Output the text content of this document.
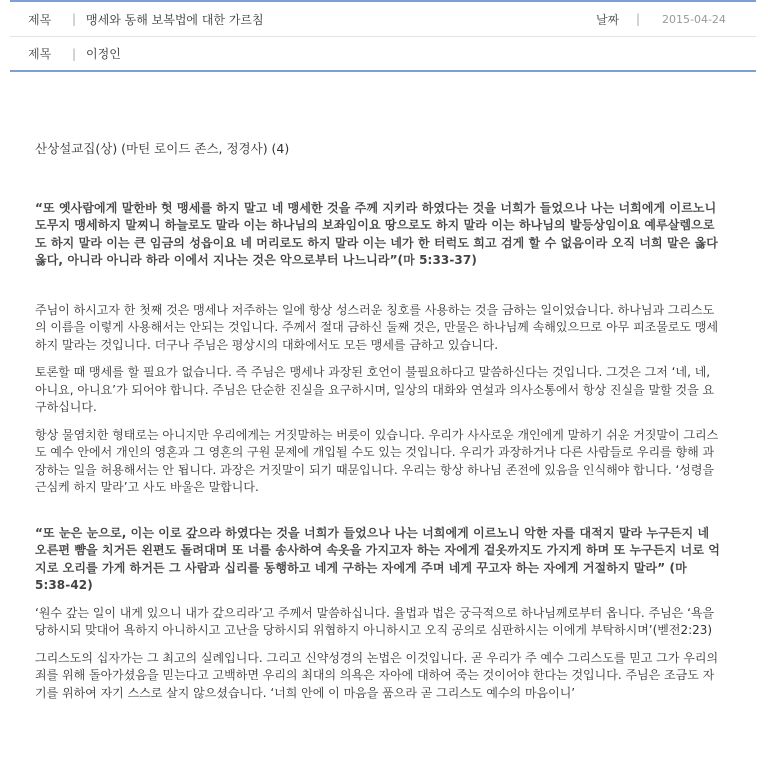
제목	| 맹세와 동해 보복법에 대한 가르침	날짜	|	2015-04-24
제목	| 이정인

산상설교집(상) (마틴 로이드 존스, 정경사) (4)

“또 옛사람에게 말한바 헛 맹세를 하지 말고 네 맹세한 것을 주께 지키라 하였다는 것을 너희가 들었으나 나는 너희에게 이르노니 도무지 맹세하지 말찌니 하늘로도 말라 이는 하나님의 보좌임이요 땅으로도 하지 말라 이는 하나님의 발등상임이요 예루살렘으로도 하지 말라 이는 큰 임금의 성읍이요 네 머리로도 하지 말라 이는 네가 한 터럭도 희고 검게 할 수 없음이라 오직 너희 말은 옳다 옳다, 아니라 아니라 하라 이에서 지나는 것은 악으로부터 나느니라”(마 5:33-37)

주님이 하시고자 한 첫째 것은 맹세나 저주하는 일에 항상 성스러운 칭호를 사용하는 것을 금하는 일이었습니다. 하나님과 그리스도의 이름을 이렇게 사용해서는 안되는 것입니다. 주께서 절대 금하신 둘째 것은, 만물은 하나님께 속해있으므로 아무 피조물로도 맹세하지 말라는 것입니다. 더구나 주님은 평상시의 대화에서도 모든 맹세를 금하고 있습니다.

토론할 때 맹세를 할 필요가 없습니다. 즉 주님은 맹세나 과장된 호언이 불필요하다고 말씀하신다는 것입니다. 그것은 그저 ‘네, 네, 아니요, 아니요’가 되어야 합니다. 주님은 단순한 진실을 요구하시며, 일상의 대화와 연설과 의사소통에서 항상 진실을 말할 것을 요구하십니다.

항상 물염치한 형태로는 아니지만 우리에게는 거짓말하는 버릇이 있습니다. 우리가 사사로운 개인에게 말하기 쉬운 거짓말이 그리스도 예수 안에서 개인의 영혼과 그 영혼의 구원 문제에 개입될 수도 있는 것입니다. 우리가 과장하거나 다른 사람들로 우리를 향해 과장하는 일을 허용해서는 안 됩니다. 과장은 거짓말이 되기 때문입니다. 우리는 항상 하나님 존전에 있음을 인식해야 합니다. ‘성령을 근심케 하지 말라’고 사도 바울은 말합니다.

“또 눈은 눈으로, 이는 이로 갚으라 하였다는 것을 너희가 들었으나 나는 너희에게 이르노니 악한 자를 대적지 말라 누구든지 네 오른편 뺨을 치거든 왼편도 돌려대며 또 너를 송사하여 속옷을 가지고자 하는 자에게 겉옷까지도 가지게 하며 또 누구든지 너로 억지로 오리를 가게 하거든 그 사람과 십리를 동행하고 네게 구하는 자에게 주며 네게 꾸고자 하는 자에게 거절하지 말라” (마 5:38-42)

‘원수 갚는 일이 내게 있으니 내가 갚으리라’고 주께서 말씀하십니다. 율법과 법은 궁극적으로 하나님께로부터 옵니다. 주님은 ‘욕을 당하시되 맞대어 욕하지 아니하시고 고난을 당하시되 위협하지 아니하시고 오직 공의로 심판하시는 이에게 부탁하시며’(벧전2:23)

그리스도의 십자가는 그 최고의 실례입니다. 그리고 신약성경의 논법은 이것입니다. 곧 우리가 주 예수 그리스도를 믿고 그가 우리의 죄를 위해 돌아가셨음을 믿는다고 고백하면 우리의 최대의 의욕은 자아에 대하여 죽는 것이어야 한다는 것입니다. 주님은 조금도 자기를 위하여 자기 스스로 살지 않으셨습니다. ‘너희 안에 이 마음을 품으라 곧 그리스도 예수의 마음이니’
